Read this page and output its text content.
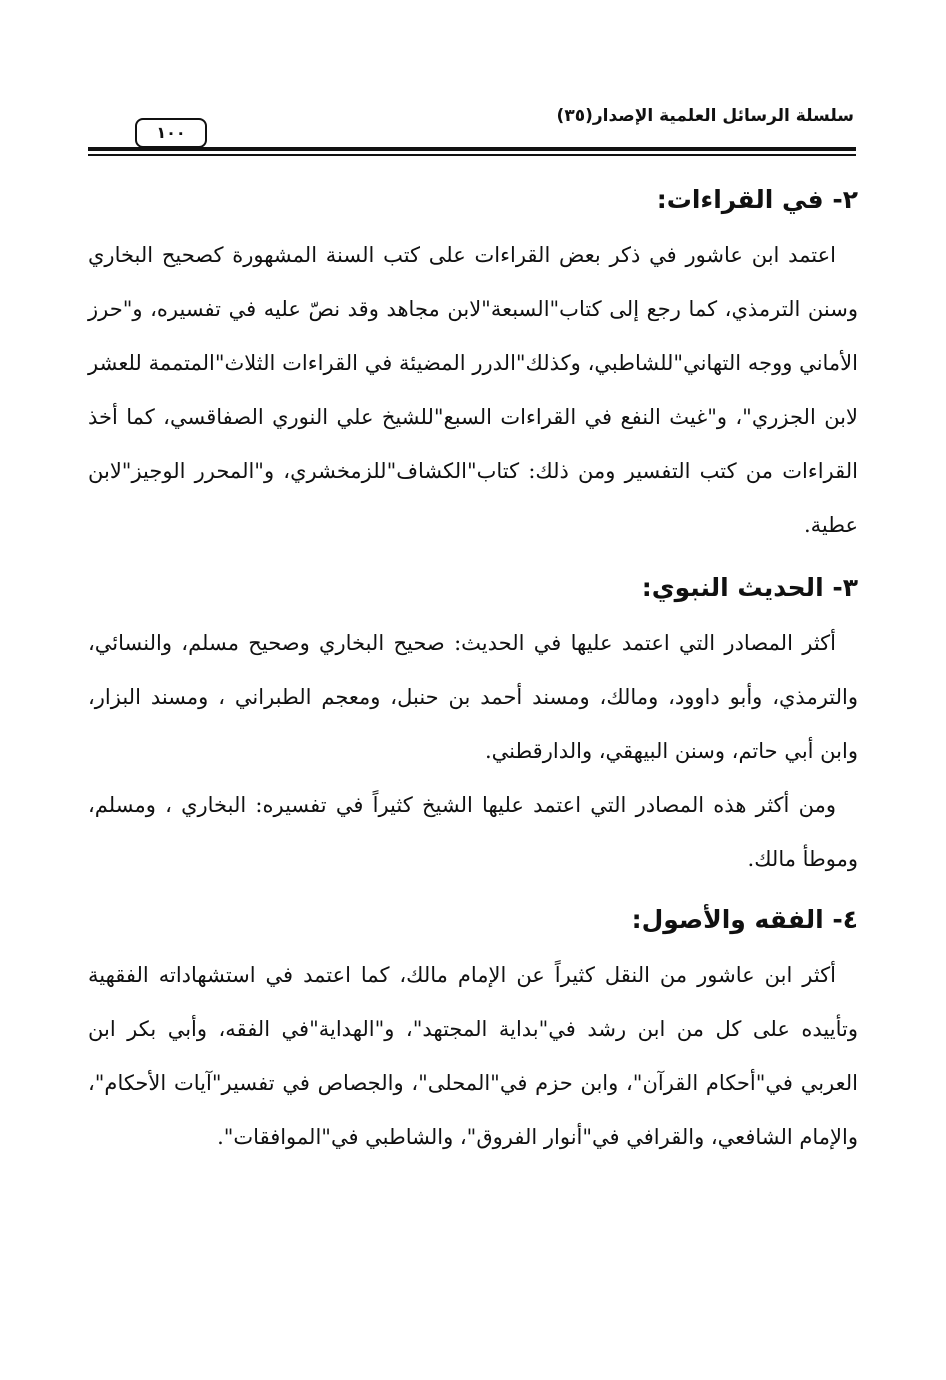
سلسلة الرسائل العلمية الإصدار(٣٥)
١٠٠
٢- في القراءات:

اعتمد ابن عاشور في ذكر بعض القراءات على كتب السنة المشهورة كصحيح البخاري وسنن الترمذي، كما رجع إلى كتاب"السبعة"لابن مجاهد وقد نصّ عليه في تفسيره، و"حرز الأماني ووجه التهاني"للشاطبي، وكذلك"الدرر المضيئة في القراءات الثلاث"المتممة للعشر لابن الجزري"، و"غيث النفع في القراءات السبع"للشيخ علي النوري الصفاقسي، كما أخذ القراءات من كتب التفسير ومن ذلك: كتاب"الكشاف"للزمخشري، و"المحرر الوجيز"لابن عطية.

٣- الحديث النبوي:

أكثر المصادر التي اعتمد عليها في الحديث: صحيح البخاري وصحيح مسلم، والنسائي، والترمذي، وأبو داوود، ومالك، ومسند أحمد بن حنبل، ومعجم الطبراني ، ومسند البزار، وابن أبي حاتم، وسنن البيهقي، والدارقطني.

ومن أكثر هذه المصادر التي اعتمد عليها الشيخ كثيراً في تفسيره: البخاري ، ومسلم، وموطأ مالك.

٤- الفقه والأصول:

أكثر ابن عاشور من النقل كثيراً عن الإمام مالك، كما اعتمد في استشهاداته الفقهية وتأييده على كل من ابن رشد في"بداية المجتهد"، و"الهداية"في الفقه، وأبي بكر ابن العربي في"أحكام القرآن"، وابن حزم في"المحلى"، والجصاص في تفسير"آيات الأحكام"، والإمام الشافعي، والقرافي في"أنوار الفروق"، والشاطبي في"الموافقات".
